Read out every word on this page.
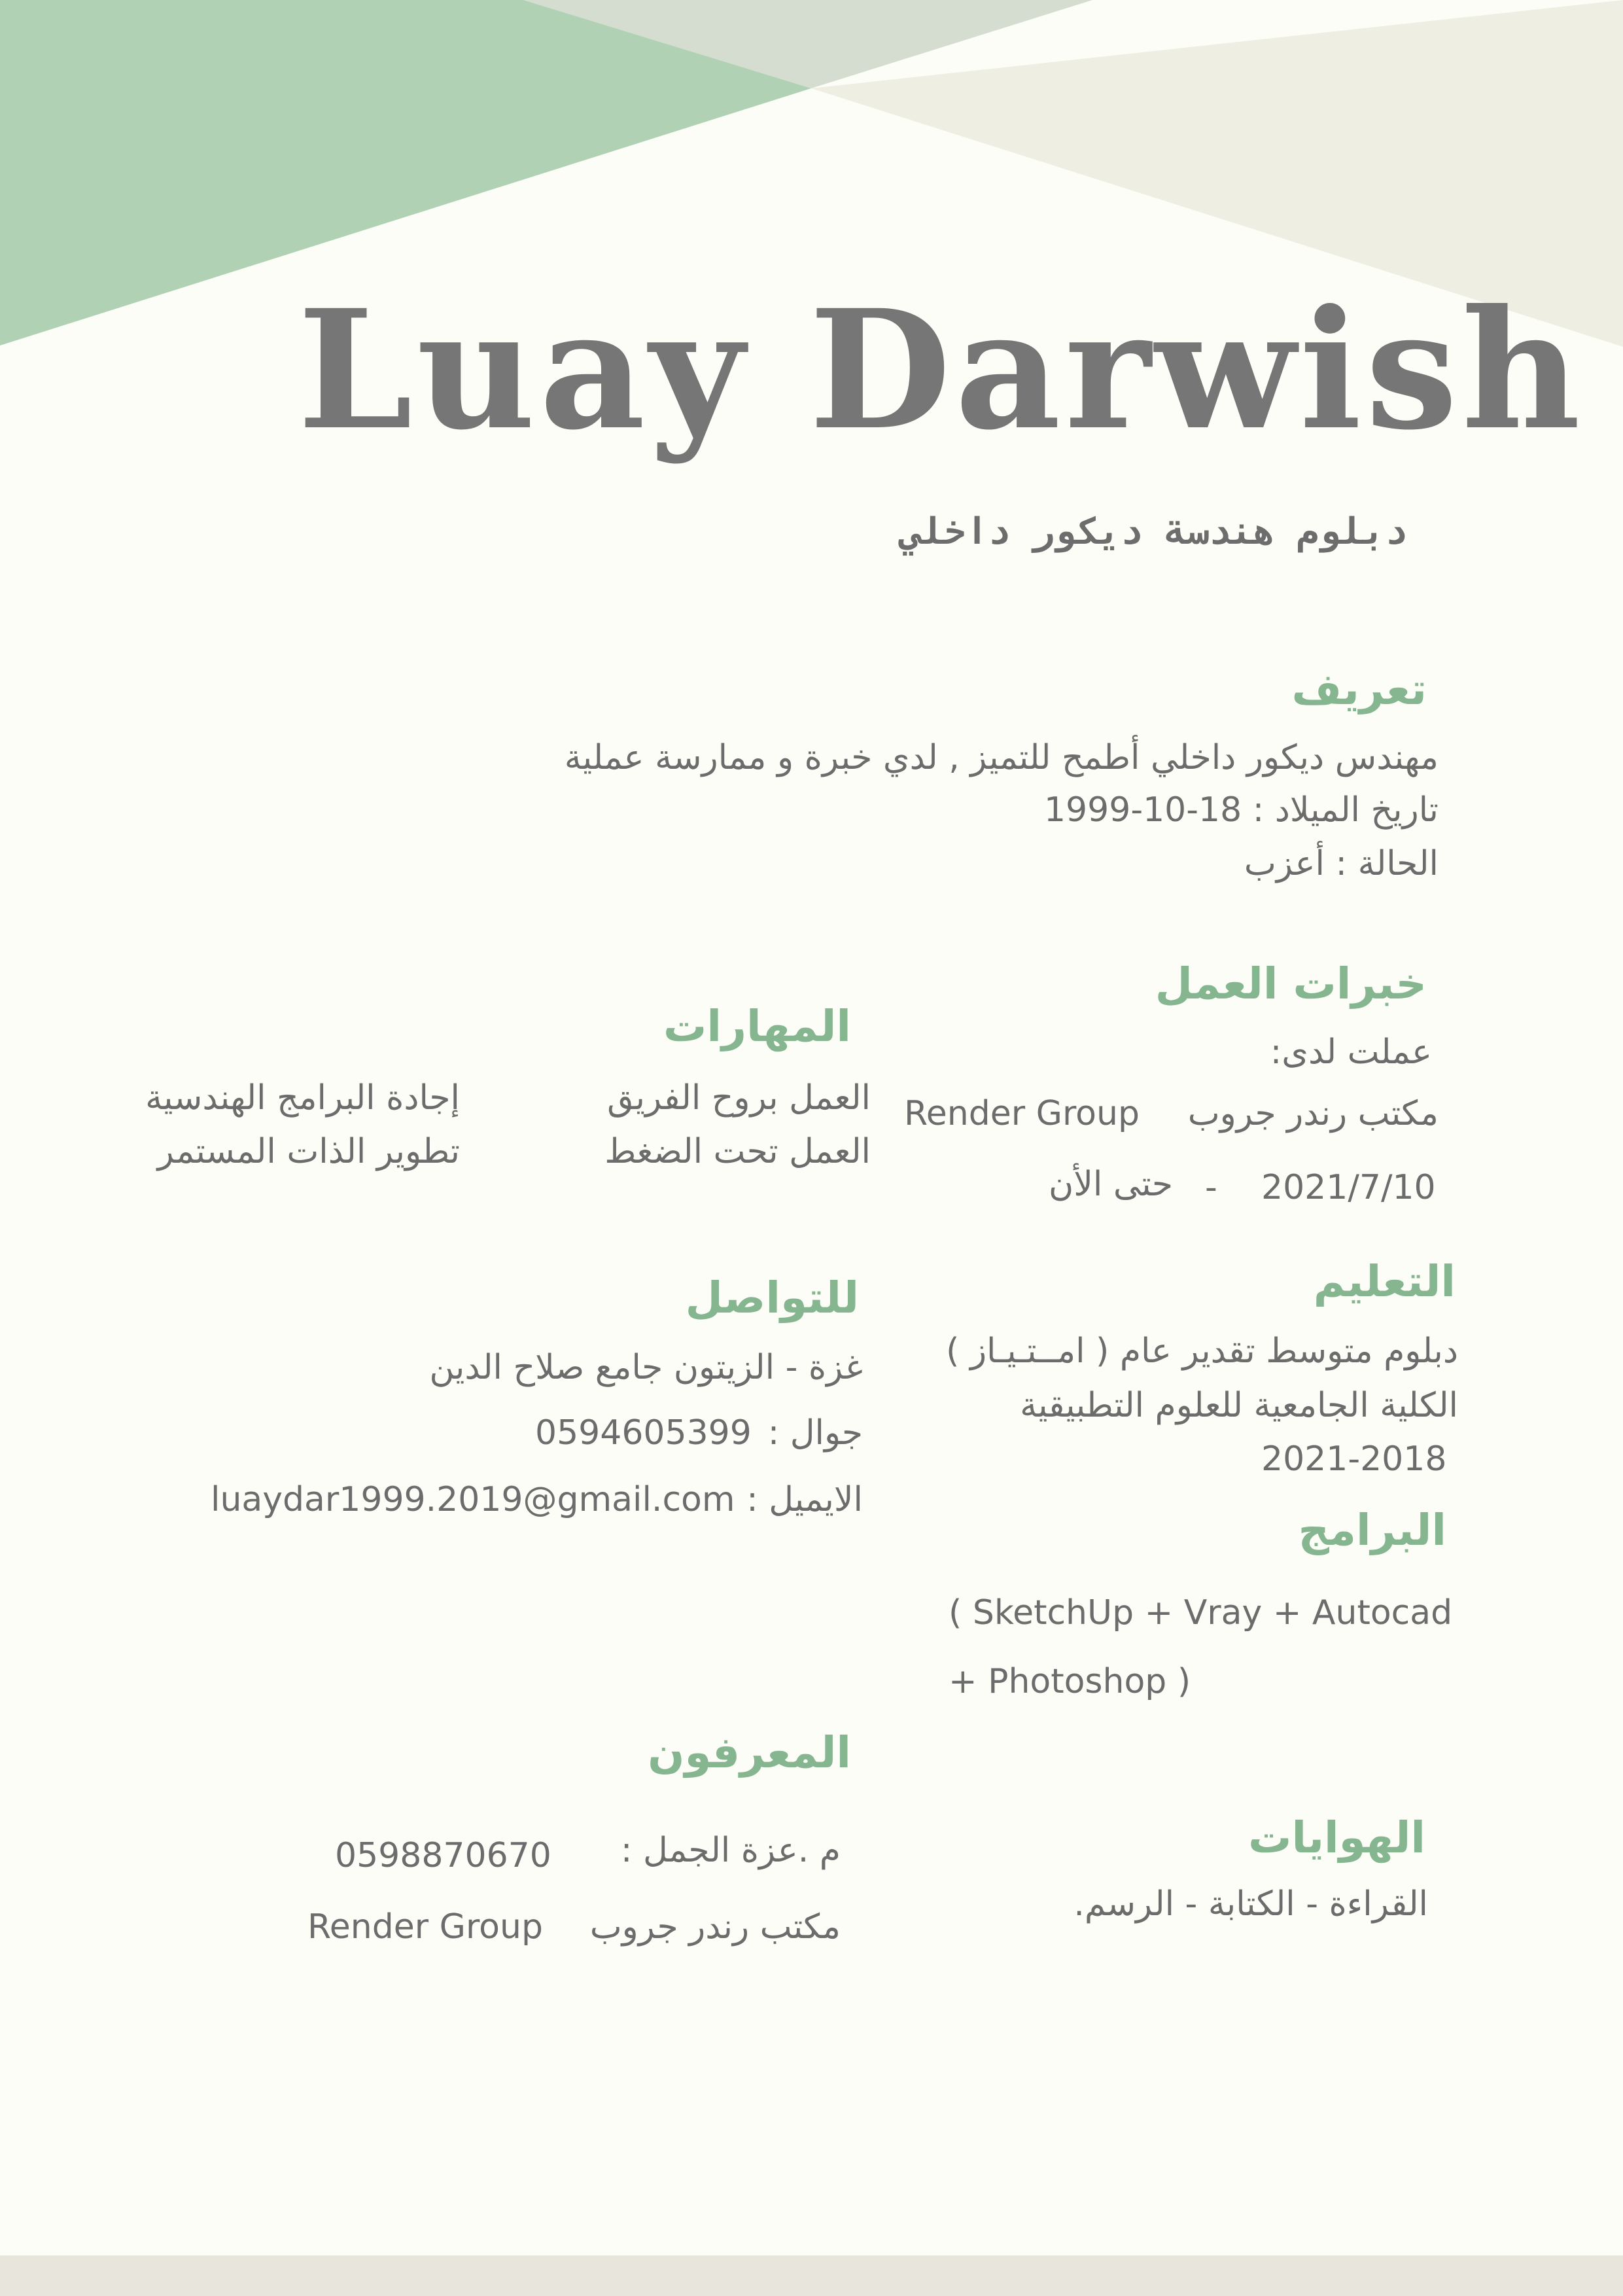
Luay Darwish
دبلوم هندسة ديكور داخلي
تعريف
مهندس ديكور داخلي أطمح للتميز , لدي خبرة و ممارسة عملية
تاريخ الميلاد : 18-10-1999
الحالة : أعزب
خبرات العمل
عملت لدى:
مكتب رندر جروب
Render Group
2021/7/10
-
حتى الأن
المهارات
العمل بروح الفريق
العمل تحت الضغط
إجادة البرامج الهندسية
تطوير الذات المستمر
التعليم
دبلوم متوسط تقدير عام ( امــتـيـاز )
الكلية الجامعية للعلوم التطبيقية
2021-2018
للتواصل
غزة - الزيتون جامع صلاح الدين
جوال :
0594605399
الايميل :
luaydar1999.2019@gmail.com
البرامج
( SketchUp + Vray + Autocad
+ Photoshop )
المعرفون
م .عزة الجمل :
0598870670
مكتب رندر جروب
Render Group
الهوايات
القراءة - الكتابة - الرسم.
